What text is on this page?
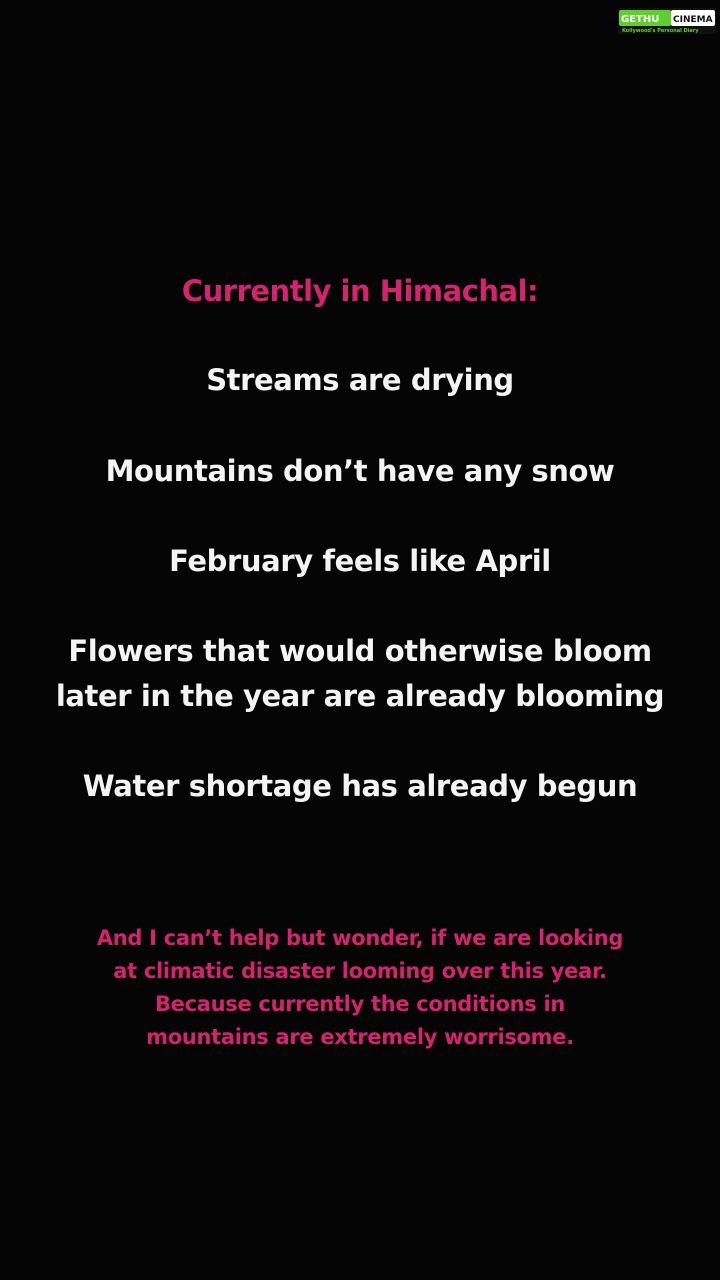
GETHU CINEMA
Kollywood's Personal Diary

Currently in Himachal:

Streams are drying

Mountains don’t have any snow

February feels like April

Flowers that would otherwise bloom
later in the year are already blooming

Water shortage has already begun

And I can’t help but wonder, if we are looking
at climatic disaster looming over this year.
Because currently the conditions in
mountains are extremely worrisome.
